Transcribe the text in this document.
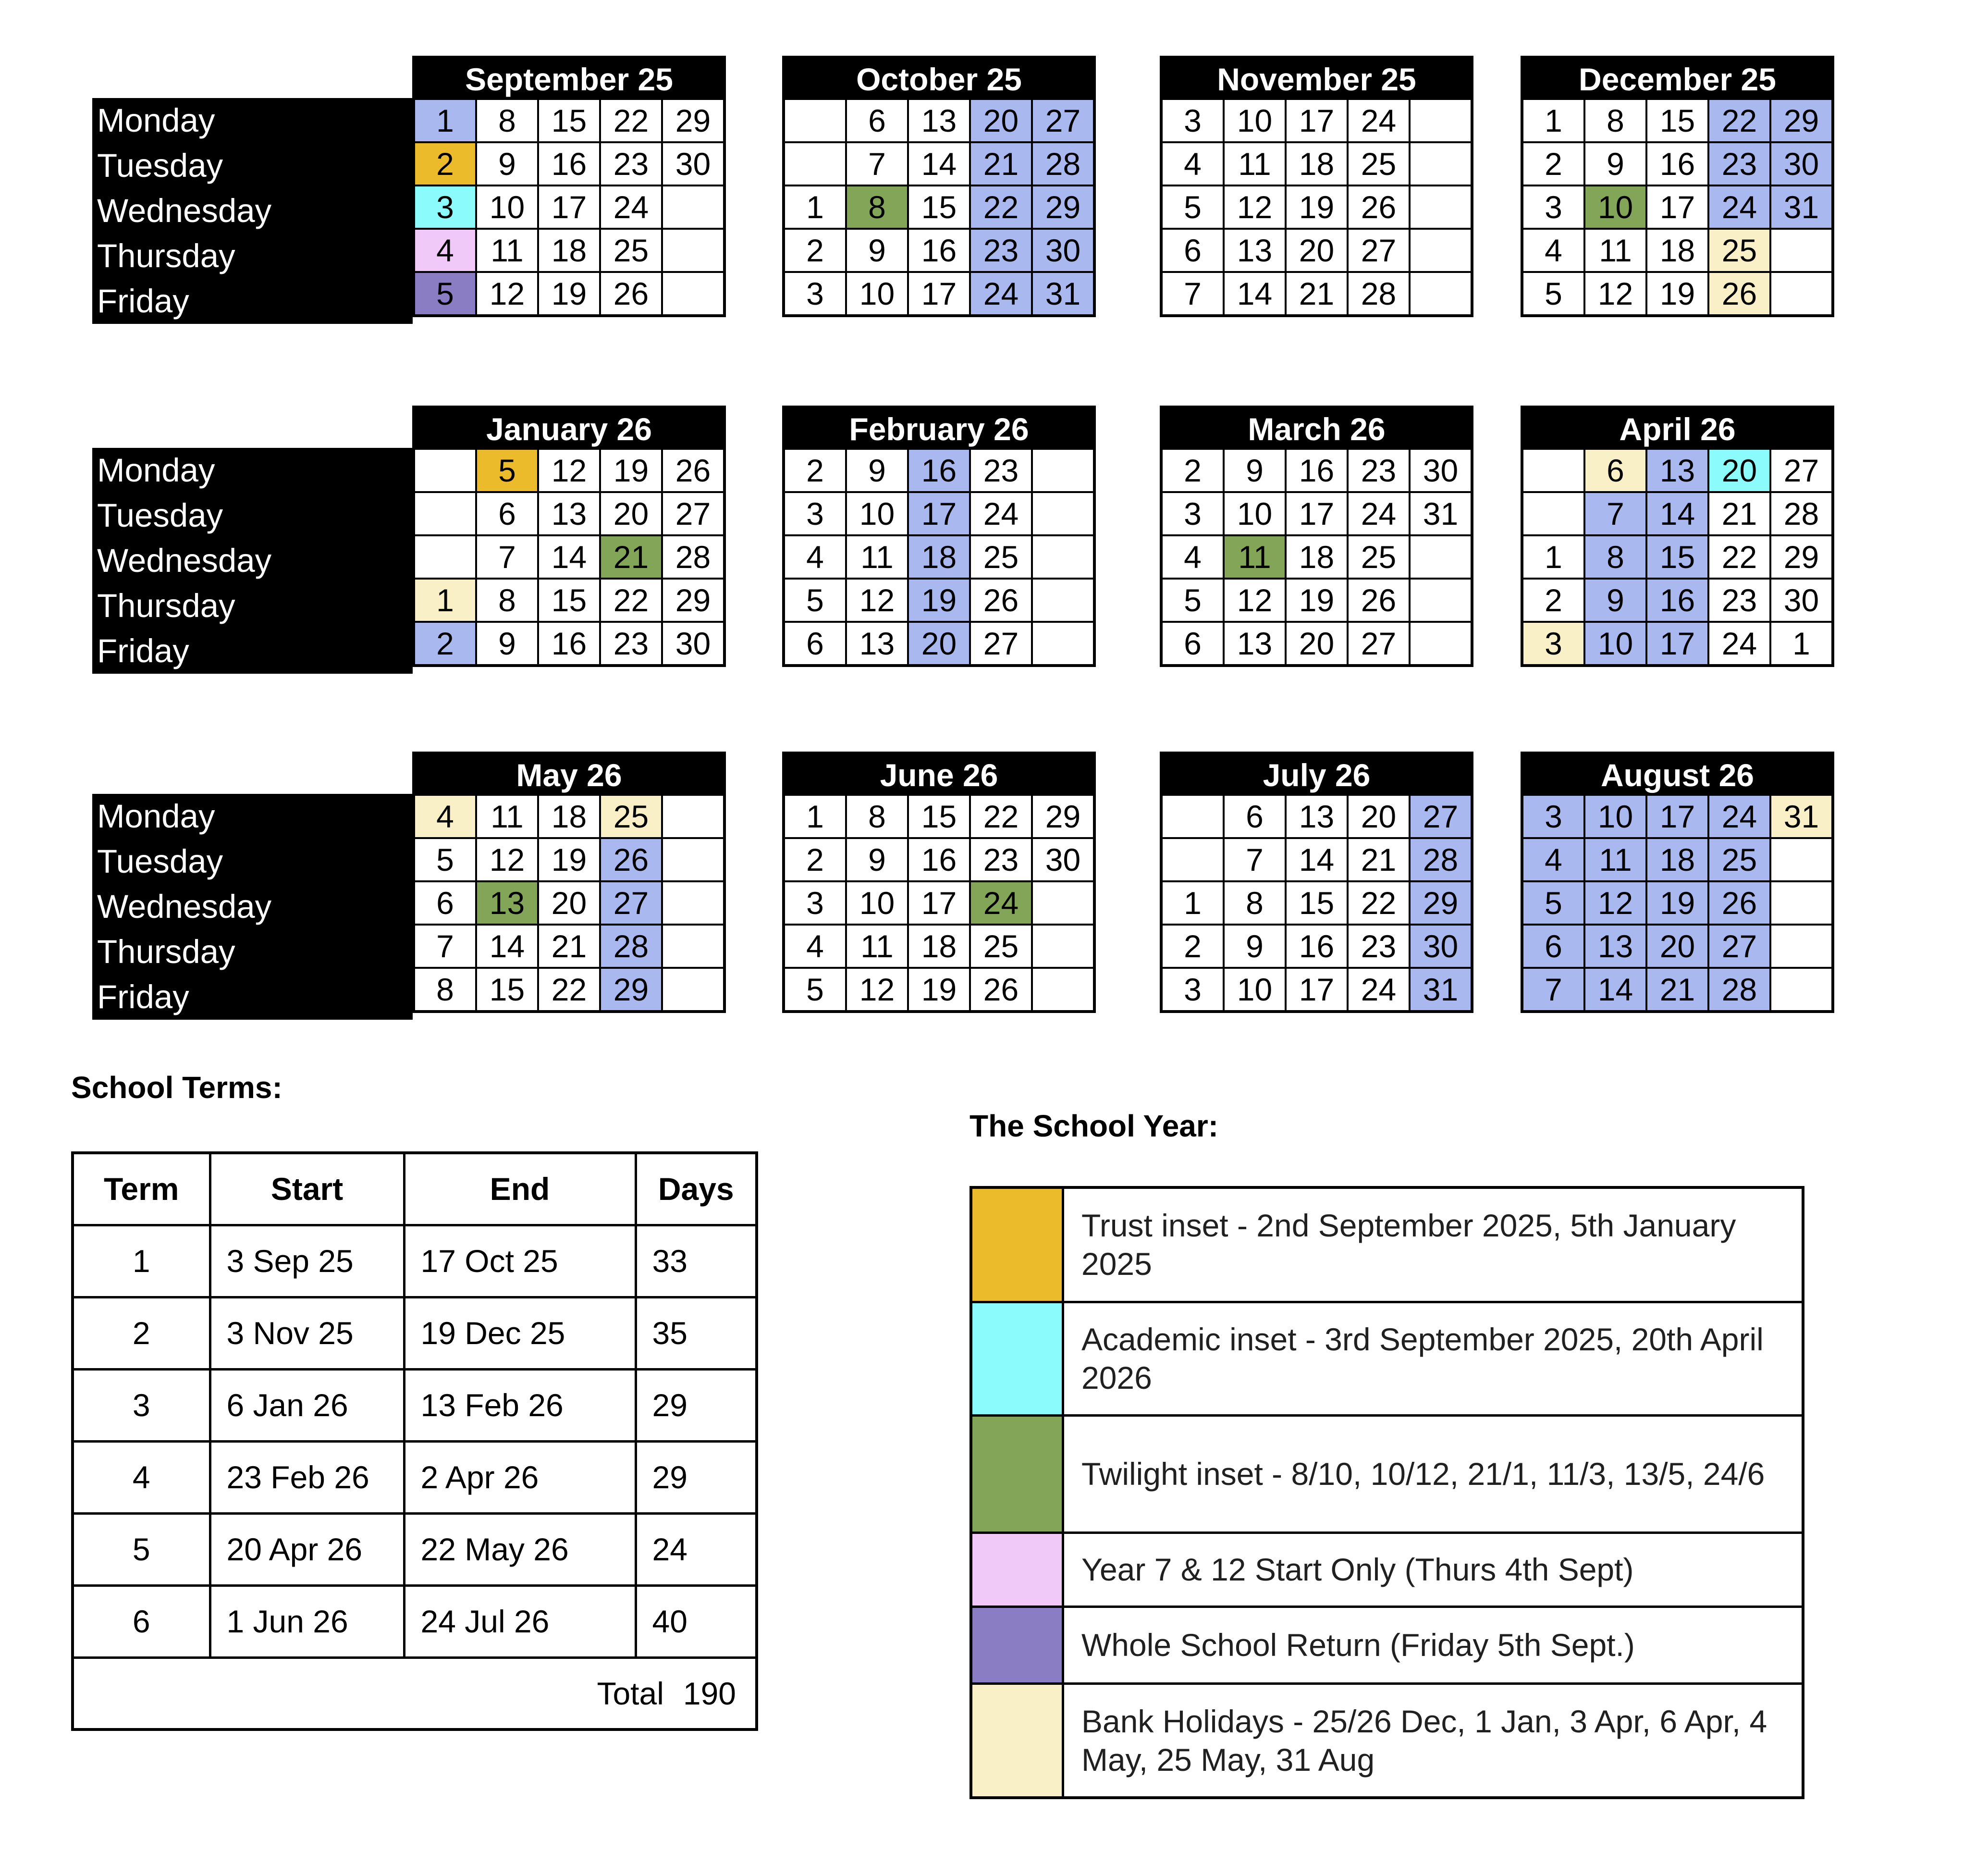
Monday
Tuesday
Wednesday
Thursday
Friday
September 25
1	8	15	22	29
2	9	16	23	30
3	10	17	24	
4	11	18	25	
5	12	19	26	
October 25
	6	13	20	27
	7	14	21	28
1	8	15	22	29
2	9	16	23	30
3	10	17	24	31
November 25
3	10	17	24	
4	11	18	25	
5	12	19	26	
6	13	20	27	
7	14	21	28	
December 25
1	8	15	22	29
2	9	16	23	30
3	10	17	24	31
4	11	18	25	
5	12	19	26	
Monday
Tuesday
Wednesday
Thursday
Friday
January 26
	5	12	19	26
	6	13	20	27
	7	14	21	28
1	8	15	22	29
2	9	16	23	30
February 26
2	9	16	23	
3	10	17	24	
4	11	18	25	
5	12	19	26	
6	13	20	27	
March 26
2	9	16	23	30
3	10	17	24	31
4	11	18	25	
5	12	19	26	
6	13	20	27	
April 26
	6	13	20	27
	7	14	21	28
1	8	15	22	29
2	9	16	23	30
3	10	17	24	1
Monday
Tuesday
Wednesday
Thursday
Friday
May 26
4	11	18	25	
5	12	19	26	
6	13	20	27	
7	14	21	28	
8	15	22	29	
June 26
1	8	15	22	29
2	9	16	23	30
3	10	17	24	
4	11	18	25	
5	12	19	26	
July 26
	6	13	20	27
	7	14	21	28
1	8	15	22	29
2	9	16	23	30
3	10	17	24	31
August 26
3	10	17	24	31
4	11	18	25	
5	12	19	26	
6	13	20	27	
7	14	21	28	
School Terms:
Term	Start	End	Days
1	3 Sep 25	17 Oct 25	33
2	3 Nov 25	19 Dec 25	35
3	6 Jan 26	13 Feb 26	29
4	23 Feb 26	2 Apr 26	29
5	20 Apr 26	22 May 26	24
6	1 Jun 26	24 Jul 26	40
Total 190			
The School Year:
	Trust inset - 2nd September 2025, 5th January 2025
	Academic inset - 3rd September 2025, 20th April 2026
	Twilight inset - 8/10, 10/12, 21/1, 11/3, 13/5, 24/6
	Year 7 & 12 Start Only (Thurs 4th Sept)
	Whole School Return (Friday 5th Sept.)
	Bank Holidays - 25/26 Dec, 1 Jan, 3 Apr, 6 Apr, 4 May, 25 May, 31 Aug
